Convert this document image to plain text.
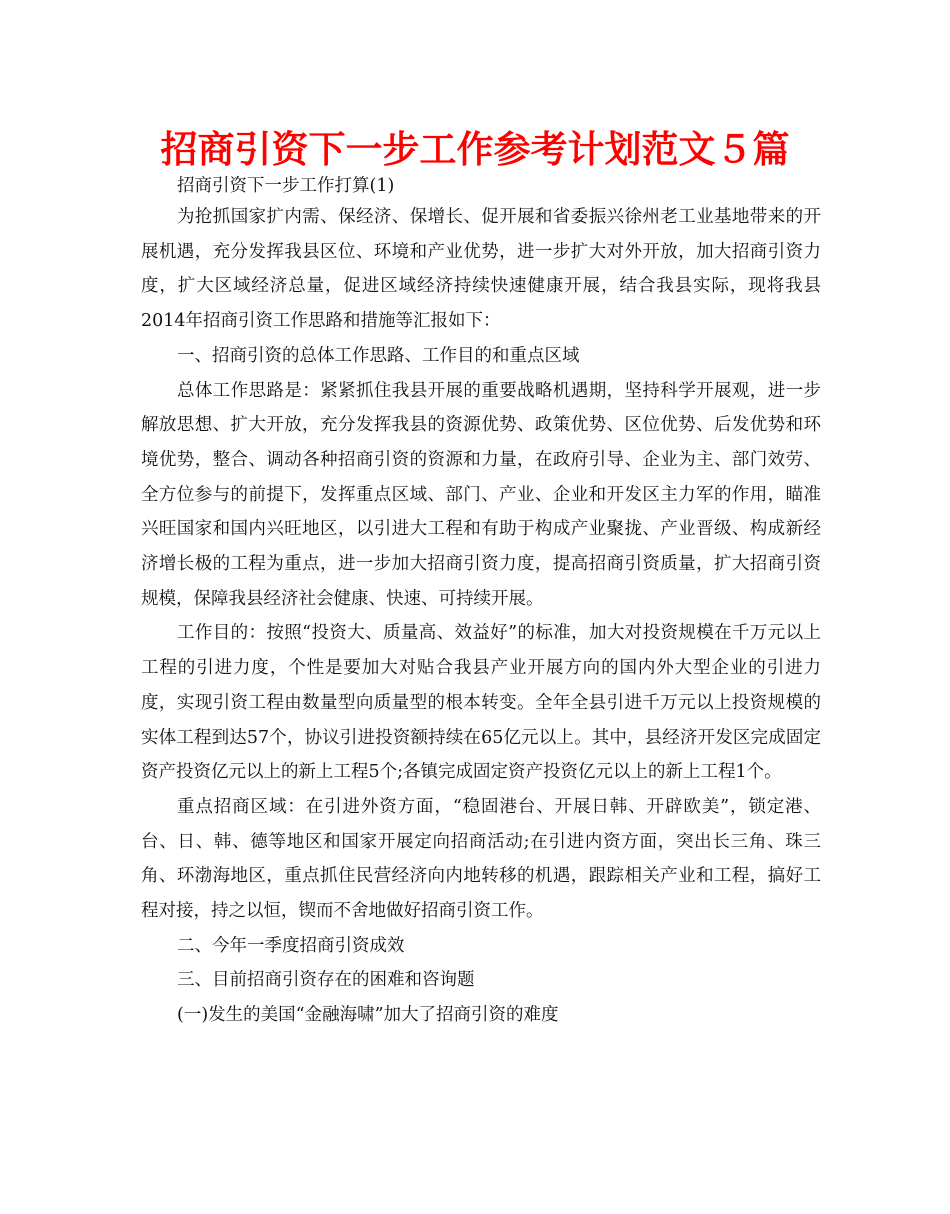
招商引资下一步工作参考计划范文５篇

招商引资下一步工作打算(1)

为抢抓国家扩内需、保经济、保增长、促开展和省委振兴徐州老工业基地带来的开展机遇，充分发挥我县区位、环境和产业优势，进一步扩大对外开放，加大招商引资力度，扩大区域经济总量，促进区域经济持续快速健康开展，结合我县实际，现将我县2014年招商引资工作思路和措施等汇报如下：

一、招商引资的总体工作思路、工作目的和重点区域

总体工作思路是：紧紧抓住我县开展的重要战略机遇期，坚持科学开展观，进一步解放思想、扩大开放，充分发挥我县的资源优势、政策优势、区位优势、后发优势和环境优势，整合、调动各种招商引资的资源和力量，在政府引导、企业为主、部门效劳、全方位参与的前提下，发挥重点区域、部门、产业、企业和开发区主力军的作用，瞄准兴旺国家和国内兴旺地区，以引进大工程和有助于构成产业聚拢、产业晋级、构成新经济增长极的工程为重点，进一步加大招商引资力度，提高招商引资质量，扩大招商引资规模，保障我县经济社会健康、快速、可持续开展。

工作目的：按照“投资大、质量高、效益好”的标准，加大对投资规模在千万元以上工程的引进力度，个性是要加大对贴合我县产业开展方向的国内外大型企业的引进力度，实现引资工程由数量型向质量型的根本转变。全年全县引进千万元以上投资规模的实体工程到达57个，协议引进投资额持续在65亿元以上。其中，县经济开发区完成固定资产投资亿元以上的新上工程5个;各镇完成固定资产投资亿元以上的新上工程1个。

重点招商区域：在引进外资方面，“稳固港台、开展日韩、开辟欧美”，锁定港、台、日、韩、德等地区和国家开展定向招商活动;在引进内资方面，突出长三角、珠三角、环渤海地区，重点抓住民营经济向内地转移的机遇，跟踪相关产业和工程，搞好工程对接，持之以恒，锲而不舍地做好招商引资工作。

二、今年一季度招商引资成效

三、目前招商引资存在的困难和咨询题

(一)发生的美国“金融海啸”加大了招商引资的难度
